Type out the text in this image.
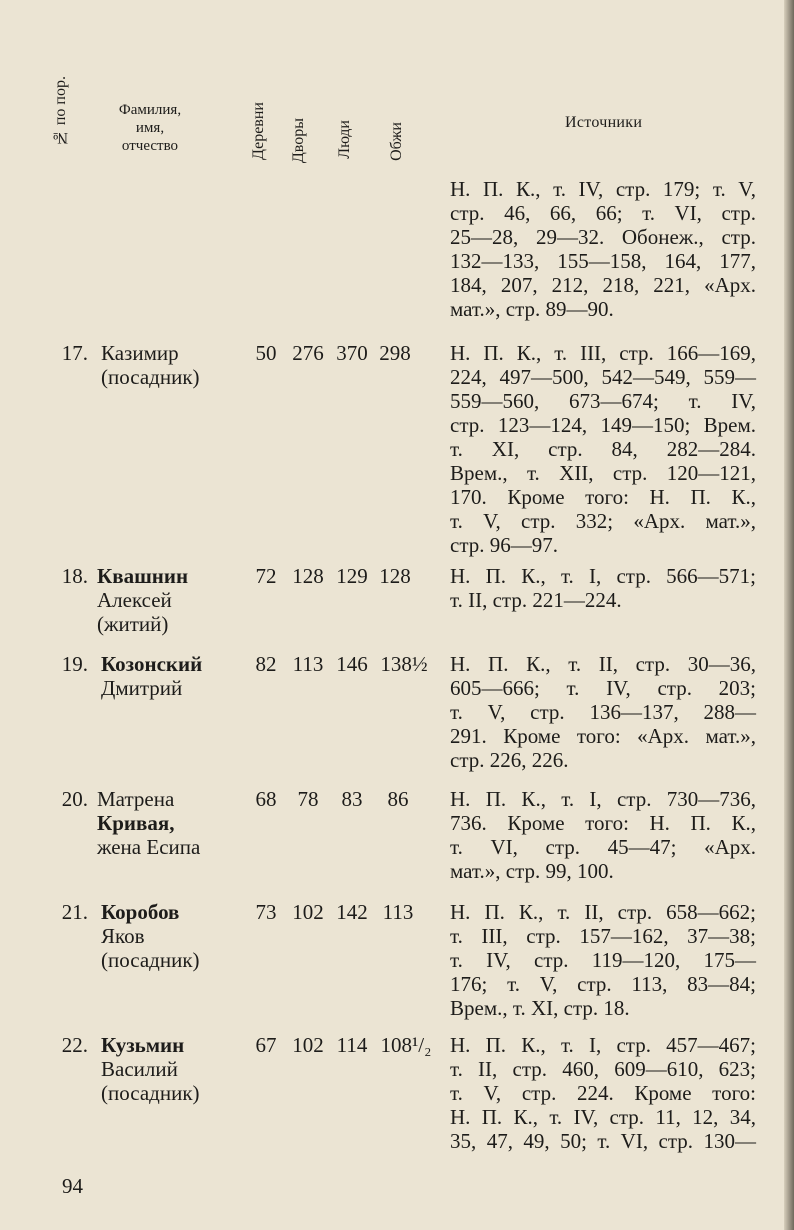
№ по пор.	Фамилия,
имя,
отчество	Деревни Дворы Люди Обжи	Источники
Н. П. К., т. IV, стр. 179; т. V,
стр. 46, 66, 66; т. VI, стр.
25—28, 29—32. Обонеж., стр.
132—133, 155—158, 164, 177,
184, 207, 212, 218, 221, «Арх.
мат.», стр. 89—90.
17. Казимир
(посадник)
50 276 370 298 Н. П. К., т. III, стр. 166—169,
224, 497—500, 542—549, 559—
559—560, 673—674; т. IV,
стр. 123—124, 149—150; Врем.
т. XI, стр. 84, 282—284.
Врем., т. XII, стр. 120—121,
170. Кроме того: Н. П. К.,
т. V, стр. 332; «Арх. мат.»,
стр. 96—97.
18. Квашнин
Алексей
(житий)
72 128 129 128 Н. П. К., т. I, стр. 566—571;
т. II, стр. 221—224.
19. Козонский
Дмитрий
82 113 146 138½ Н. П. К., т. II, стр. 30—36,
605—666; т. IV, стр. 203;
т. V, стр. 136—137, 288—
291. Кроме того: «Арх. мат.»,
стр. 226, 226.
20. Матрена
Кривая,
жена Есипа
68	78	83	86	Н. П. К., т. I, стр. 730—736,
736. Кроме того: Н. П. К.,
т. VI, стр. 45—47; «Арх.
мат.», стр. 99, 100.
21. Коробов
Яков
(посадник)
73 102 142 113	Н. П. К., т. II, стр. 658—662;
т. III, стр. 157—162, 37—38;
т. IV, стр. 119—120, 175—
176; т. V, стр. 113, 83—84;
Врем., т. XI, стр. 18.
22. Кузьмин
Василий
(посадник)
67 102 114 108¹/₂ Н. П. К., т. I, стр. 457—467;
т. II, стр. 460, 609—610, 623;
т. V, стр. 224. Кроме того:
Н. П. К., т. IV, стр. 11, 12, 34,
35, 47, 49, 50; т. VI, стр. 130—
94
